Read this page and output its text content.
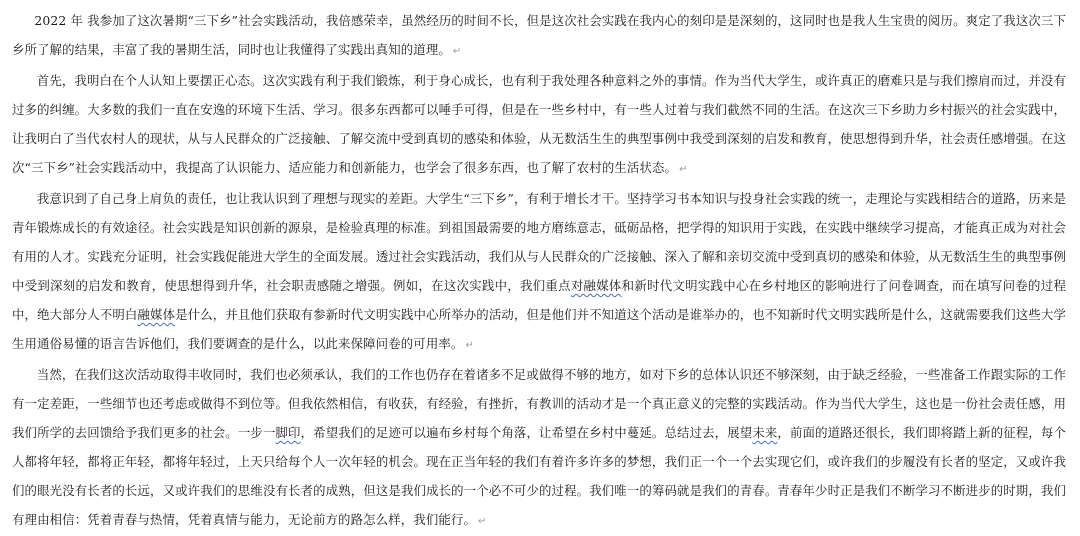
2022 年 我参加了这次暑期“三下乡”社会实践活动，我倍感荣幸，虽然经历的时间不长，但是这次社会实践在我内心的刻印是是深刻的，这同时也是我人生宝贵的阅历。爽定了我这次三下乡所了解的结果，丰富了我的暑期生活，同时也让我懂得了实践出真知的道理。 ↵

首先，我明白在个人认知上要摆正心态。这次实践有利于我们锻炼，利于身心成长，也有利于我处理各种意料之外的事情。作为当代大学生，或许真正的磨难只是与我们擦肩而过，并没有过多的纠缠。大多数的我们一直在安逸的环境下生活、学习。很多东西都可以唾手可得，但是在一些乡村中，有一些人过着与我们截然不同的生活。在这次三下乡助力乡村振兴的社会实践中，让我明白了当代农村人的现状，从与人民群众的广泛接触、了解交流中受到真切的感染和体验，从无数活生生的典型事例中我受到深刻的启发和教育，使思想得到升华，社会责任感增强。在这次“三下乡”社会实践活动中，我提高了认识能力、适应能力和创新能力，也学会了很多东西，也了解了农村的生活状态。 ↵

我意识到了自己身上肩负的责任，也让我认识到了理想与现实的差距。大学生“三下乡”，有利于增长才干。坚持学习书本知识与投身社会实践的统一，走理论与实践相结合的道路，历来是青年锻炼成长的有效途径。社会实践是知识创新的源泉，是检验真理的标准。到祖国最需要的地方磨练意志，砥砺品格，把学得的知识用于实践，在实践中继续学习提高，才能真正成为对社会有用的人才。实践充分证明，社会实践促能进大学生的全面发展。透过社会实践活动，我们从与人民群众的广泛接触、深入了解和亲切交流中受到真切的感染和体验，从无数活生生的典型事例中受到深刻的启发和教育，使思想得到升华，社会职责感随之增强。例如，在这次实践中，我们重点对融媒体和新时代文明实践中心在乡村地区的影响进行了问卷调查，而在填写问卷的过程中，绝大部分人不明白融媒体是什么，并且他们获取有参新时代文明实践中心所举办的活动，但是他们并不知道这个活动是谁举办的，也不知新时代文明实践所是什么，这就需要我们这些大学生用通俗易懂的语言告诉他们，我们要调查的是什么，以此来保障问卷的可用率。 ↵

当然，在我们这次活动取得丰收同时，我们也必须承认，我们的工作也仍存在着诸多不足或做得不够的地方，如对下乡的总体认识还不够深刻，由于缺乏经验，一些准备工作跟实际的工作有一定差距，一些细节也还考虑或做得不到位等。但我依然相信，有收获，有经验，有挫折，有教训的活动才是一个真正意义的完整的实践活动。作为当代大学生，这也是一份社会责任感，用我们所学的去回馈给予我们更多的社会。一步一脚印，希望我们的足迹可以遍布乡村每个角落，让希望在乡村中蔓延。总结过去，展望未来，前面的道路还很长，我们即将踏上新的征程，每个人都将年轻，都将正年轻，都将年轻过，上天只给每个人一次年轻的机会。现在正当年轻的我们有着许多许多的梦想，我们正一个一个去实现它们，或许我们的步履没有长者的坚定，又或许我们的眼光没有长者的长远，又或许我们的思维没有长者的成熟，但这是我们成长的一个必不可少的过程。我们唯一的筹码就是我们的青春。青春年少时正是我们不断学习不断进步的时期，我们有理由相信：凭着青春与热情，凭着真情与能力，无论前方的路怎么样，我们能行。 ↵
